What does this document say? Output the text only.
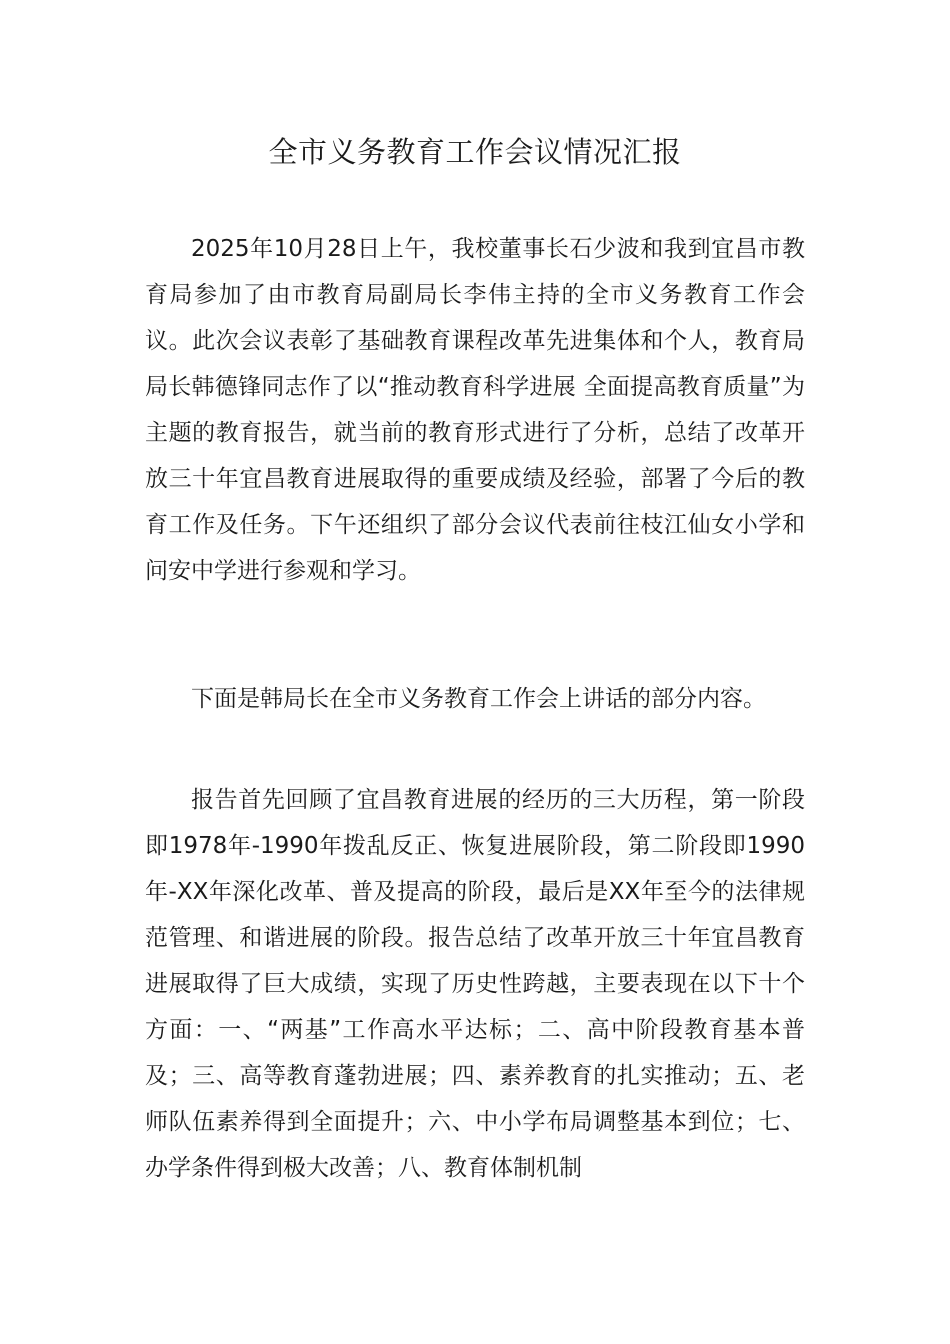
全市义务教育工作会议情况汇报

2025年10月28日上午，我校董事长石少波和我到宜昌市教育局参加了由市教育局副局长李伟主持的全市义务教育工作会议。此次会议表彰了基础教育课程改革先进集体和个人，教育局局长韩德锋同志作了以“推动教育科学进展 全面提高教育质量”为主题的教育报告，就当前的教育形式进行了分析，总结了改革开放三十年宜昌教育进展取得的重要成绩及经验，部署了今后的教育工作及任务。下午还组织了部分会议代表前往枝江仙女小学和问安中学进行参观和学习。

下面是韩局长在全市义务教育工作会上讲话的部分内容。

报告首先回顾了宜昌教育进展的经历的三大历程，第一阶段即1978年-1990年拨乱反正、恢复进展阶段，第二阶段即1990年-XX年深化改革、普及提高的阶段，最后是XX年至今的法律规范管理、和谐进展的阶段。报告总结了改革开放三十年宜昌教育进展取得了巨大成绩，实现了历史性跨越，主要表现在以下十个方面：一、“两基”工作高水平达标；二、高中阶段教育基本普及；三、高等教育蓬勃进展；四、素养教育的扎实推动；五、老师队伍素养得到全面提升；六、中小学布局调整基本到位；七、办学条件得到极大改善；八、教育体制机制
